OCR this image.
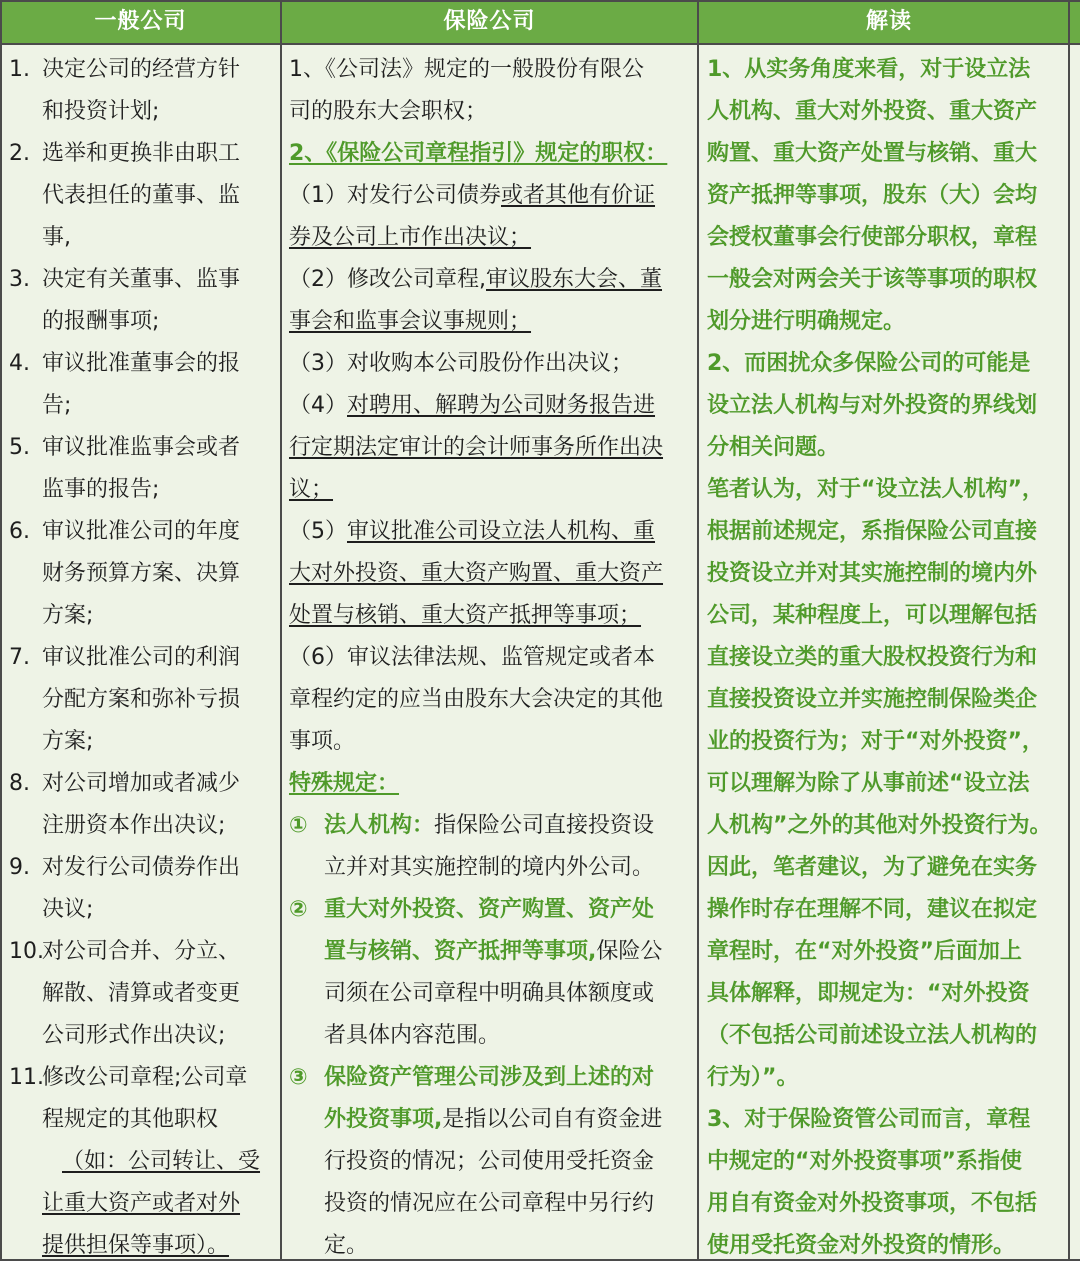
一般公司	保险公司	解读
1. 决定公司的经营方针
和投资计划;
2. 选举和更换非由职工
代表担任的董事、监
事,
3. 决定有关董事、监事
的报酬事项;
4. 审议批准董事会的报
告;
5. 审议批准监事会或者
监事的报告;
6. 审议批准公司的年度
财务预算方案、决算
方案;
7. 审议批准公司的利润
分配方案和弥补亏损
方案;
8. 对公司增加或者减少
注册资本作出决议;
9. 对发行公司债券作出
决议;
10.
对公司合并、分立、
解散、清算或者变更
公司形式作出决议;
11.
修改公司章程;公司章
程规定的其他职权
（如：公司转让、受
让重大资产或者对外
提供担保等事项）。
1、《公司法》规定的一般股份有限公
司的股东大会职权；
2、《保险公司章程指引》规定的职权：
（1）对发行公司债券或者其他有价证
券及公司上市作出决议；
（2）修改公司章程,审议股东大会、董
事会和监事会议事规则；
（3）对收购本公司股份作出决议；
（4）对聘用、解聘为公司财务报告进
行定期法定审计的会计师事务所作出决
议；
（5）审议批准公司设立法人机构、重
大对外投资、重大资产购置、重大资产
处置与核销、重大资产抵押等事项；
（6）审议法律法规、监管规定或者本
章程约定的应当由股东大会决定的其他
事项。
特殊规定：
① 法人机构：指保险公司直接投资设
立并对其实施控制的境内外公司。
② 重大对外投资、资产购置、资产处
置与核销、资产抵押等事项,保险公
司须在公司章程中明确具体额度或
者具体内容范围。
③ 保险资产管理公司涉及到上述的对
外投资事项,是指以公司自有资金进
行投资的情况；公司使用受托资金
投资的情况应在公司章程中另行约
定。
1、从实务角度来看，对于设立法
人机构、重大对外投资、重大资产
购置、重大资产处置与核销、重大
资产抵押等事项，股东（大）会均
会授权董事会行使部分职权，章程
一般会对两会关于该等事项的职权
划分进行明确规定。
2、而困扰众多保险公司的可能是
设立法人机构与对外投资的界线划
分相关问题。
笔者认为，对于“设立法人机构”，
根据前述规定，系指保险公司直接
投资设立并对其实施控制的境内外
公司，某种程度上，可以理解包括
直接设立类的重大股权投资行为和
直接投资设立并实施控制保险类企
业的投资行为；对于“对外投资”，
可以理解为除了从事前述“设立法
人机构”之外的其他对外投资行为。
因此，笔者建议，为了避免在实务
操作时存在理解不同，建议在拟定
章程时，在“对外投资”后面加上
具体解释，即规定为：“对外投资
（不包括公司前述设立法人机构的
行为）”。
3、对于保险资管公司而言，章程
中规定的“对外投资事项”系指使
用自有资金对外投资事项，不包括
使用受托资金对外投资的情形。
